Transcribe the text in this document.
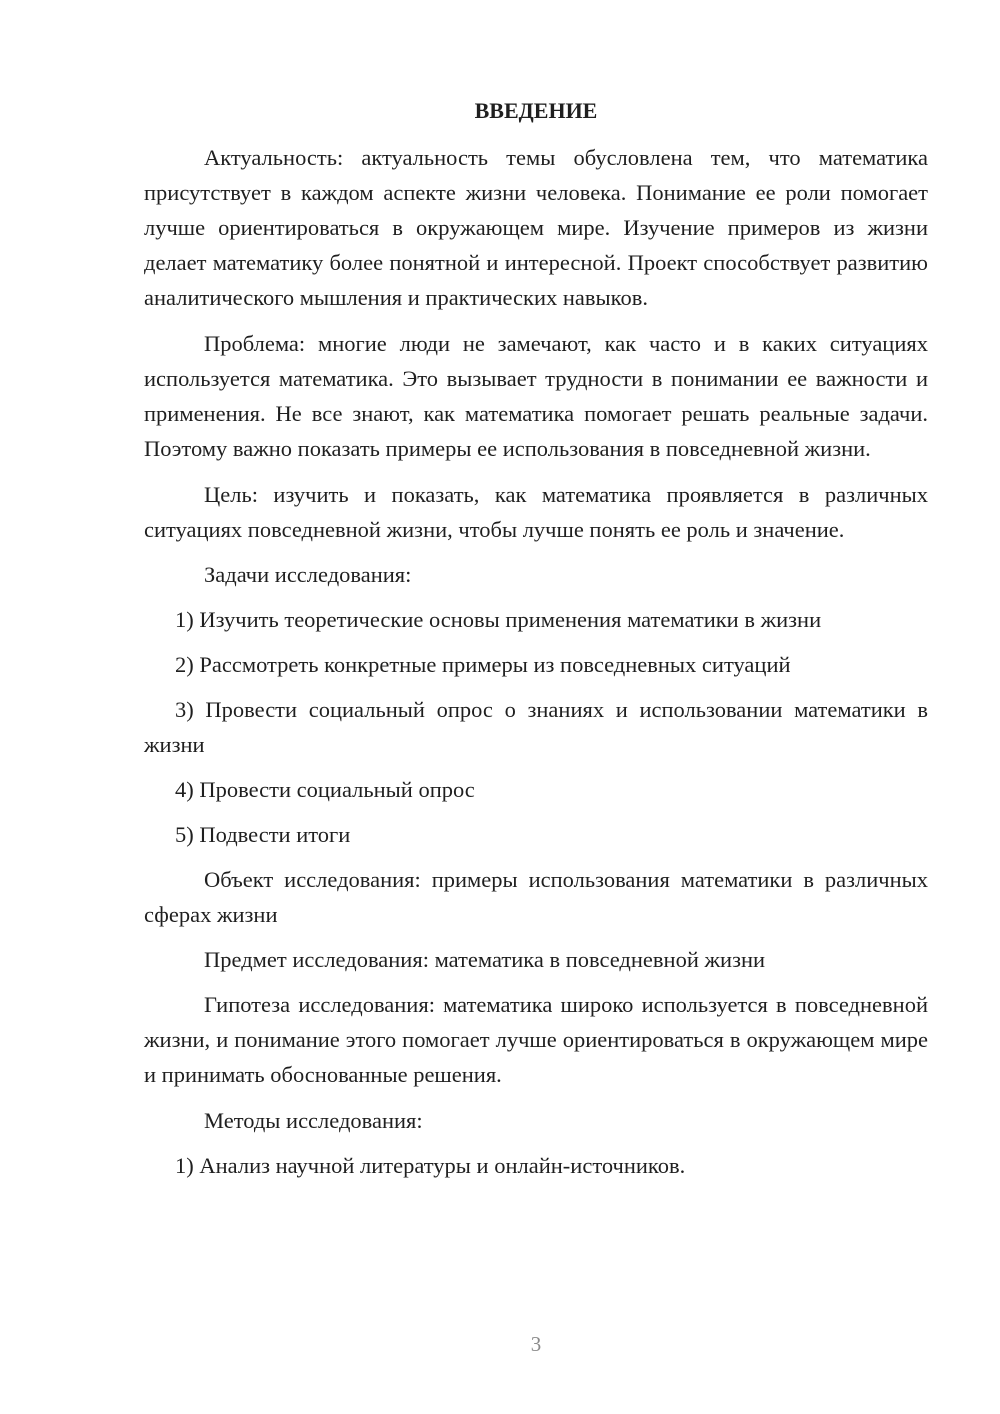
ВВЕДЕНИЕ

Актуальность: актуальность темы обусловлена тем, что математика присутствует в каждом аспекте жизни человека. Понимание ее роли помогает лучше ориентироваться в окружающем мире. Изучение примеров из жизни делает математику более понятной и интересной. Проект способствует развитию аналитического мышления и практических навыков.

Проблема: многие люди не замечают, как часто и в каких ситуациях используется математика. Это вызывает трудности в понимании ее важности и применения. Не все знают, как математика помогает решать реальные задачи. Поэтому важно показать примеры ее использования в повседневной жизни.

Цель: изучить и показать, как математика проявляется в различных ситуациях повседневной жизни, чтобы лучше понять ее роль и значение.

Задачи исследования:

1) Изучить теоретические основы применения математики в жизни

2) Рассмотреть конкретные примеры из повседневных ситуаций

3) Провести социальный опрос о знаниях и использовании математики в жизни

4) Провести социальный опрос

5) Подвести итоги

Объект исследования: примеры использования математики в различных сферах жизни

Предмет исследования: математика в повседневной жизни

Гипотеза исследования: математика широко используется в повседневной жизни, и понимание этого помогает лучше ориентироваться в окружающем мире и принимать обоснованные решения.

Методы исследования:

1) Анализ научной литературы и онлайн-источников.

3
